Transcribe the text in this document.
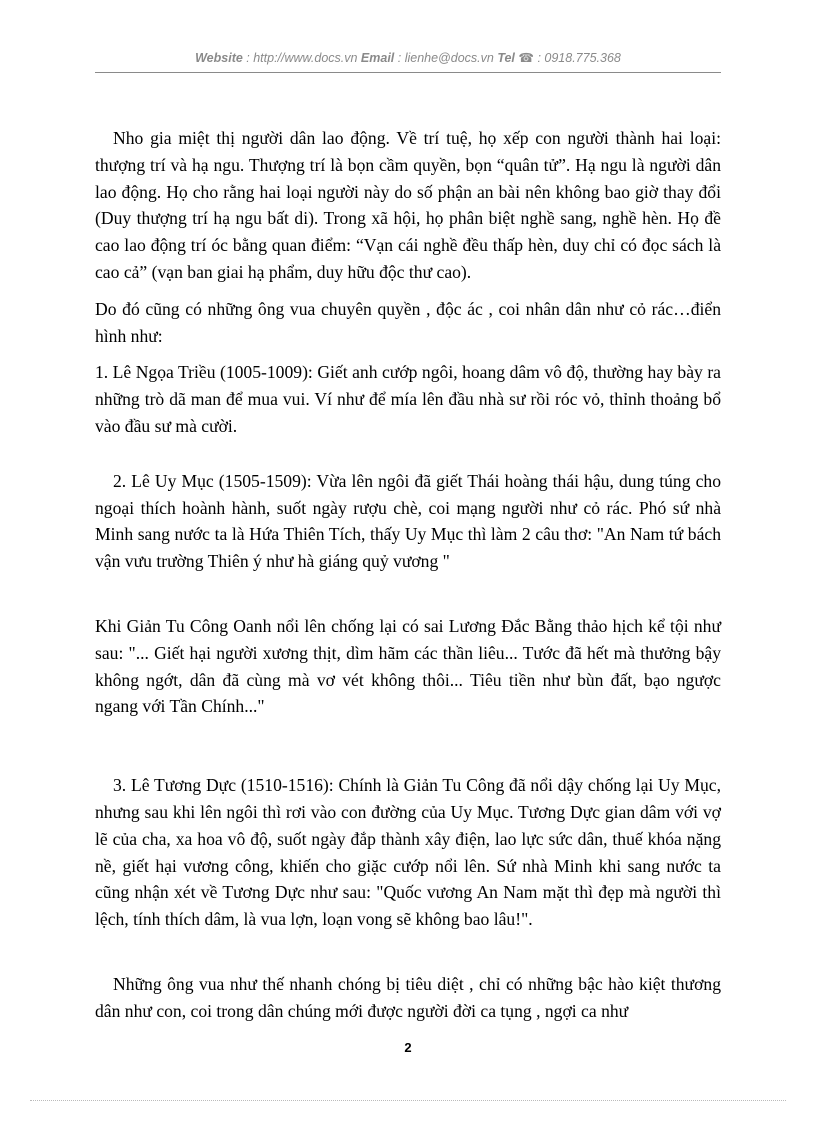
Website : http://www.docs.vn Email : lienhe@docs.vn Tel ☎ : 0918.775.368

Nho gia miệt thị người dân lao động. Về trí tuệ, họ xếp con người thành hai loại: thượng trí và hạ ngu. Thượng trí là bọn cầm quyền, bọn “quân tử”. Hạ ngu là người dân lao động. Họ cho rằng hai loại người này do số phận an bài nên không bao giờ thay đổi (Duy thượng trí hạ ngu bất di). Trong xã hội, họ phân biệt nghề sang, nghề hèn. Họ đề cao lao động trí óc bằng quan điểm: “Vạn cái nghề đều thấp hèn, duy chỉ có đọc sách là cao cả” (vạn ban giai hạ phẩm, duy hữu độc thư cao).

Do đó cũng có những ông vua chuyên quyền , độc ác , coi nhân dân như cỏ rác…điển hình như:

1. Lê Ngọa Triều (1005-1009): Giết anh cướp ngôi, hoang dâm vô độ, thường hay bày ra những trò dã man để mua vui. Ví như để mía lên đầu nhà sư rồi róc vỏ, thỉnh thoảng bổ vào đầu sư mà cười.

2. Lê Uy Mục (1505-1509): Vừa lên ngôi đã giết Thái hoàng thái hậu, dung túng cho ngoại thích hoành hành, suốt ngày rượu chè, coi mạng người như cỏ rác. Phó sứ nhà Minh sang nước ta là Hứa Thiên Tích, thấy Uy Mục thì làm 2 câu thơ: "An Nam tứ bách vận vưu trường Thiên ý như hà giáng quỷ vương "

Khi Giản Tu Công Oanh nổi lên chống lại có sai Lương Đắc Bằng thảo hịch kể tội như sau: "... Giết hại người xương thịt, dìm hãm các thần liêu... Tước đã hết mà thưởng bậy không ngớt, dân đã cùng mà vơ vét không thôi... Tiêu tiền như bùn đất, bạo ngược ngang với Tần Chính..."

3. Lê Tương Dực (1510-1516): Chính là Giản Tu Công đã nổi dậy chống lại Uy Mục, nhưng sau khi lên ngôi thì rơi vào con đường của Uy Mục. Tương Dực gian dâm với vợ lẽ của cha, xa hoa vô độ, suốt ngày đắp thành xây điện, lao lực sức dân, thuế khóa nặng nề, giết hại vương công, khiến cho giặc cướp nổi lên. Sứ nhà Minh khi sang nước ta cũng nhận xét về Tương Dực như sau: "Quốc vương An Nam mặt thì đẹp mà người thì lệch, tính thích dâm, là vua lợn, loạn vong sẽ không bao lâu!".

Những ông vua như thế nhanh chóng bị tiêu diệt , chỉ có những bậc hào kiệt thương dân như con, coi trong dân chúng mới được người đời ca tụng , ngợi ca như

2
